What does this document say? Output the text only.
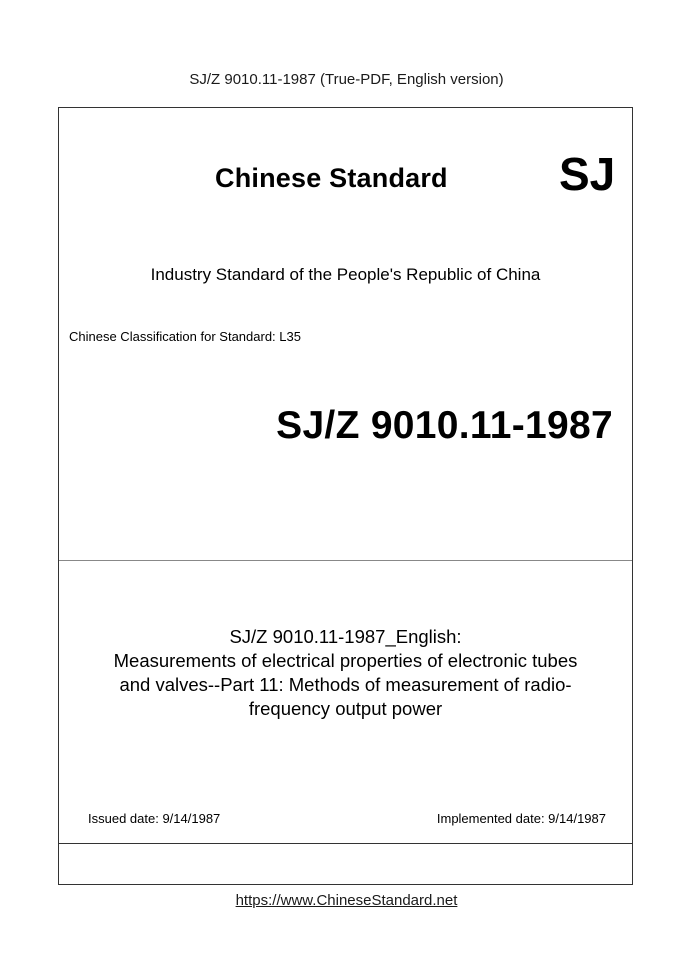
SJ/Z 9010.11-1987 (True-PDF, English version)
Chinese Standard SJ
Industry Standard of the People's Republic of China
Chinese Classification for Standard: L35
SJ/Z 9010.11-1987
SJ/Z 9010.11-1987_English:
Measurements of electrical properties of electronic tubes
and valves--Part 11: Methods of measurement of radio-
frequency output power
Issued date: 9/14/1987	Implemented date: 9/14/1987
https://www.ChineseStandard.net
